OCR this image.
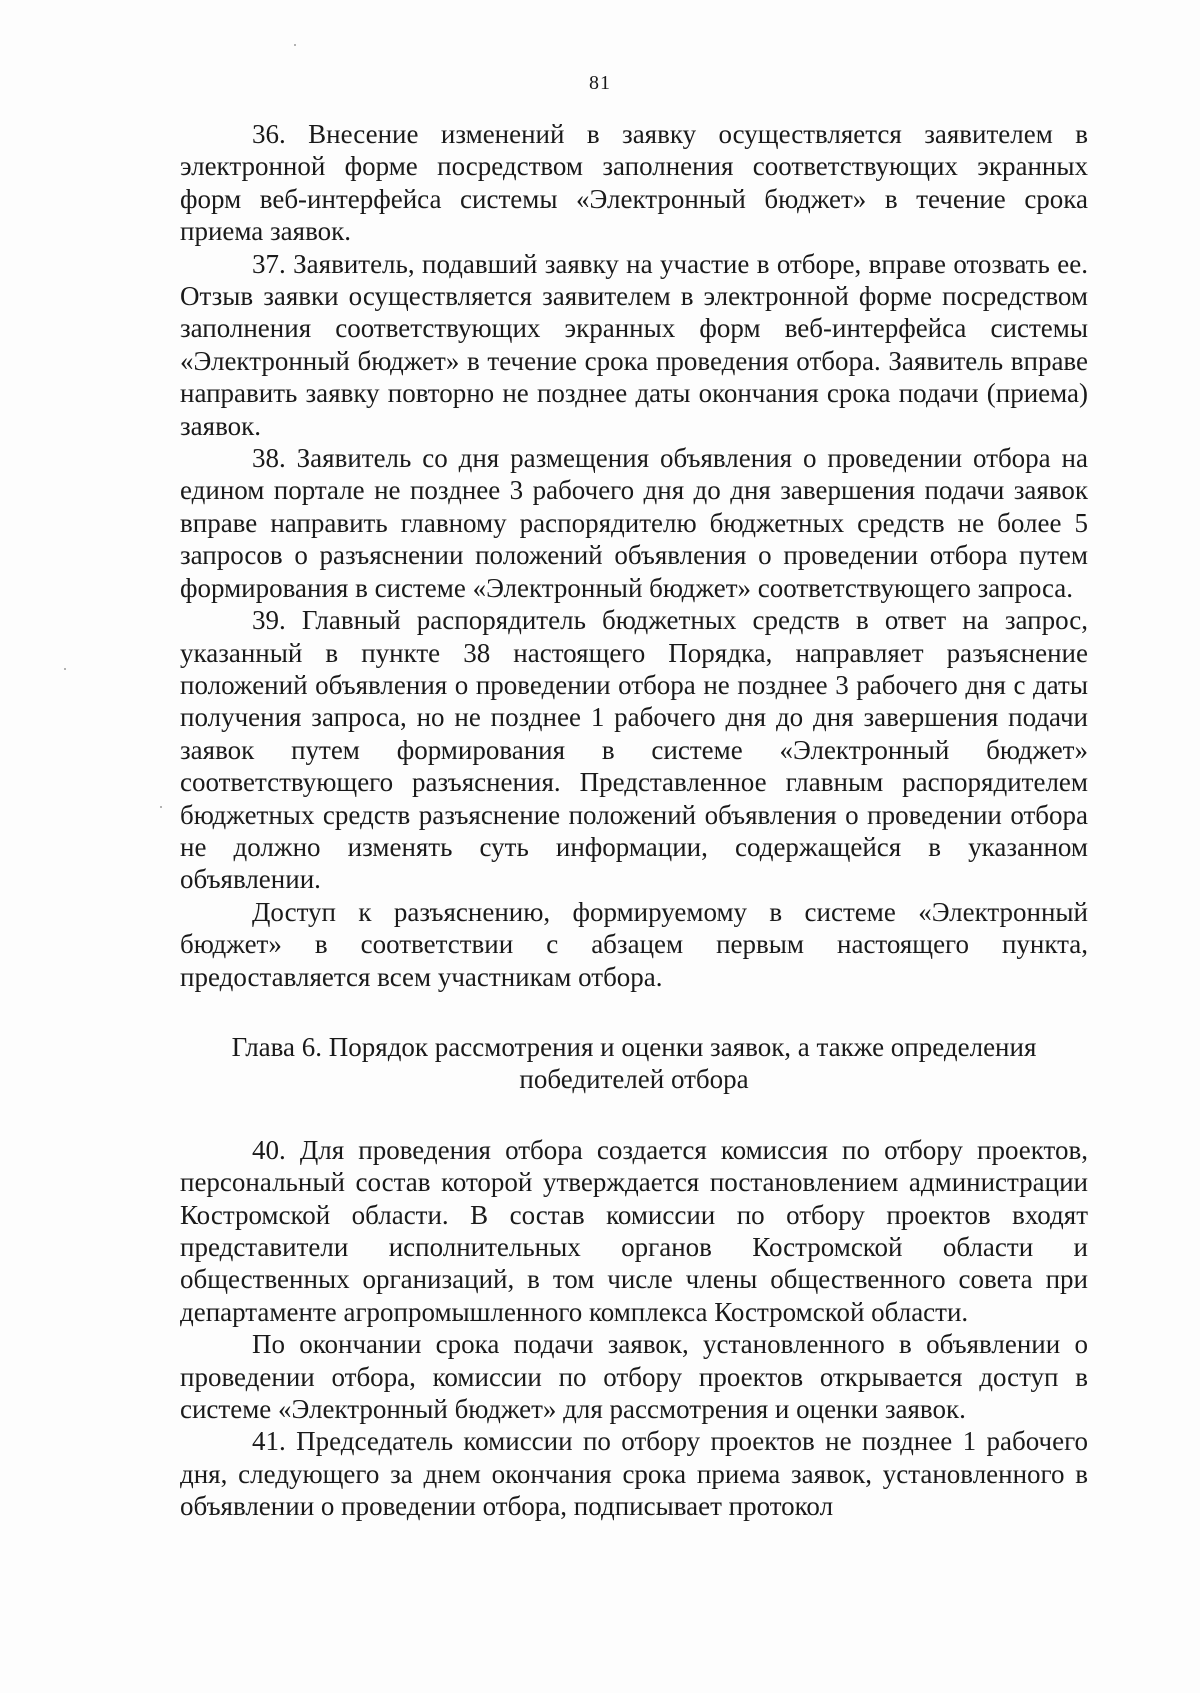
81

36. Внесение изменений в заявку осуществляется заявителем в электронной форме посредством заполнения соответствующих экранных форм веб-интерфейса системы «Электронный бюджет» в течение срока приема заявок.

37. Заявитель, подавший заявку на участие в отборе, вправе отозвать ее. Отзыв заявки осуществляется заявителем в электронной форме посредством заполнения соответствующих экранных форм веб-интерфейса системы «Электронный бюджет» в течение срока проведения отбора. Заявитель вправе направить заявку повторно не позднее даты окончания срока подачи (приема) заявок.

38. Заявитель со дня размещения объявления о проведении отбора на едином портале не позднее 3 рабочего дня до дня завершения подачи заявок вправе направить главному распорядителю бюджетных средств не более 5 запросов о разъяснении положений объявления о проведении отбора путем формирования в системе «Электронный бюджет» соответствующего запроса.

39. Главный распорядитель бюджетных средств в ответ на запрос, указанный в пункте 38 настоящего Порядка, направляет разъяснение положений объявления о проведении отбора не позднее 3 рабочего дня с даты получения запроса, но не позднее 1 рабочего дня до дня завершения подачи заявок путем формирования в системе «Электронный бюджет» соответствующего разъяснения. Представленное главным распорядителем бюджетных средств разъяснение положений объявления о проведении отбора не должно изменять суть информации, содержащейся в указанном объявлении.

Доступ к разъяснению, формируемому в системе «Электронный бюджет» в соответствии с абзацем первым настоящего пункта, предоставляется всем участникам отбора.

Глава 6. Порядок рассмотрения и оценки заявок, а также определения
победителей отбора

40. Для проведения отбора создается комиссия по отбору проектов, персональный состав которой утверждается постановлением администрации Костромской области. В состав комиссии по отбору проектов входят представители исполнительных органов Костромской области и общественных организаций, в том числе члены общественного совета при департаменте агропромышленного комплекса Костромской области.

По окончании срока подачи заявок, установленного в объявлении о проведении отбора, комиссии по отбору проектов открывается доступ в системе «Электронный бюджет» для рассмотрения и оценки заявок.

41. Председатель комиссии по отбору проектов не позднее 1 рабочего дня, следующего за днем окончания срока приема заявок, установленного в объявлении о проведении отбора, подписывает протокол
